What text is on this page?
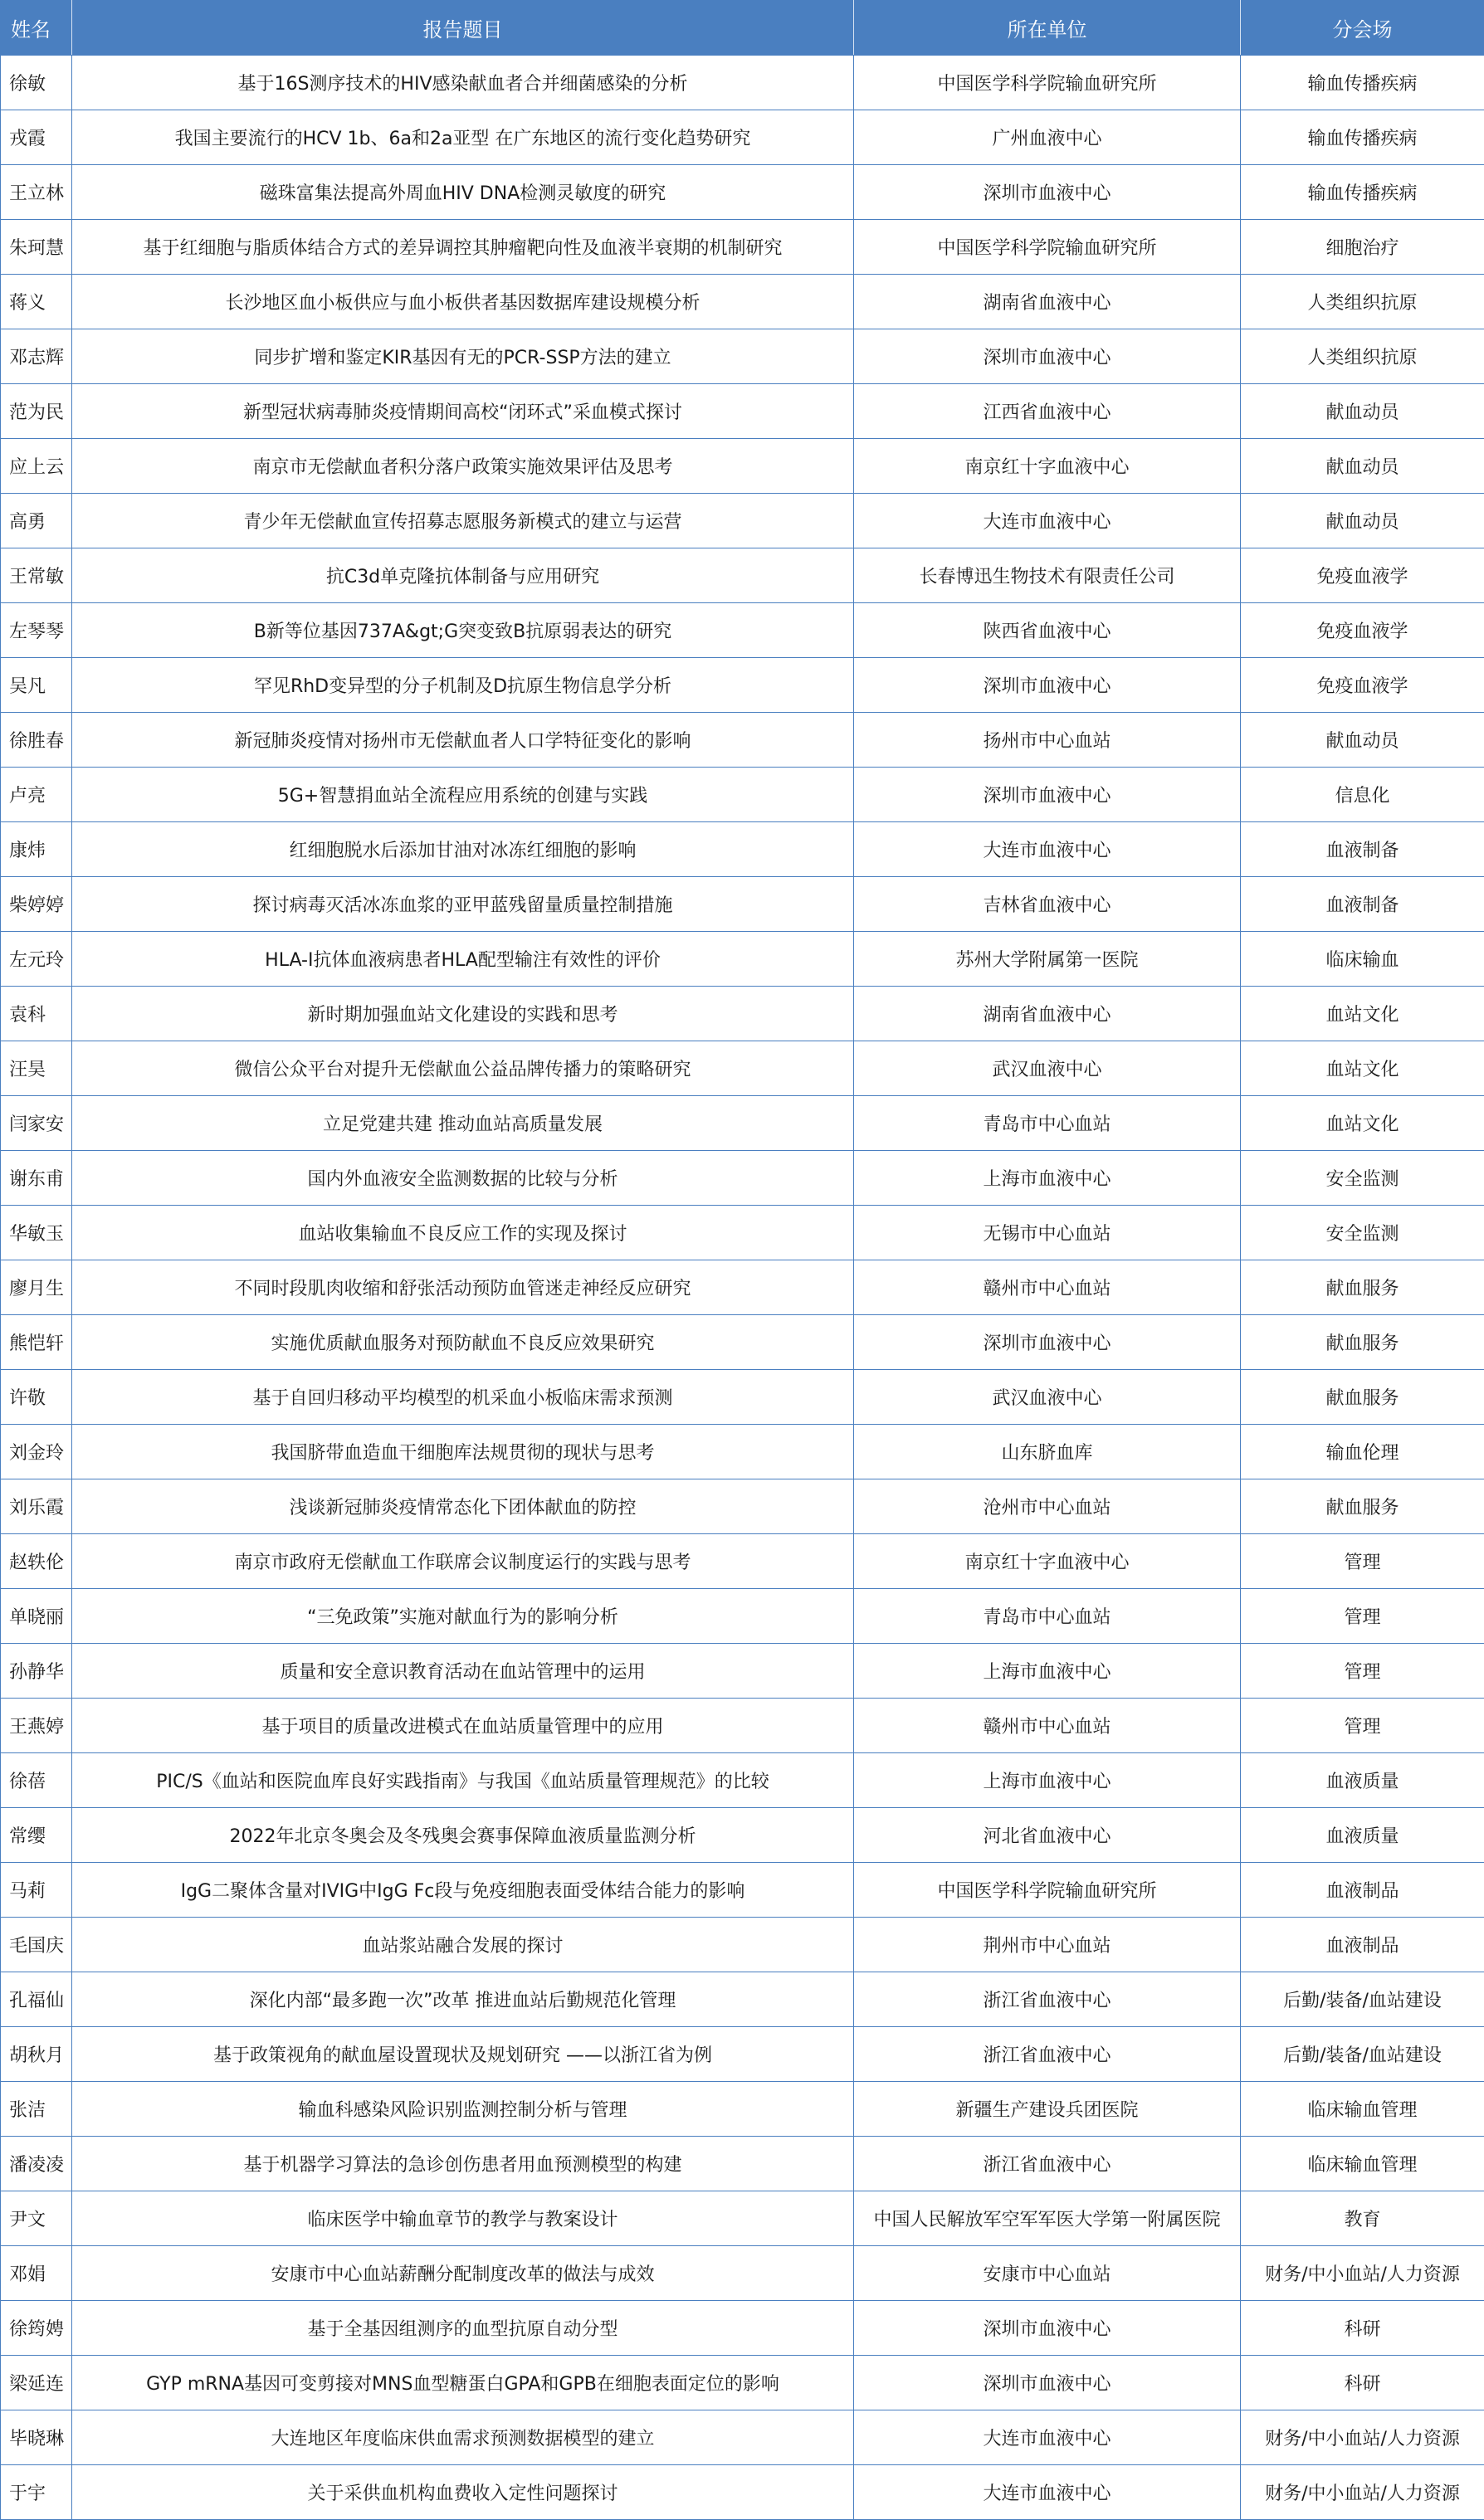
姓名	报告题目	所在单位	分会场
徐敏	基于16S测序技术的HIV感染献血者合并细菌感染的分析	中国医学科学院输血研究所	输血传播疾病
戎霞	我国主要流行的HCV 1b、6a和2a亚型 在广东地区的流行变化趋势研究	广州血液中心	输血传播疾病
王立林	磁珠富集法提高外周血HIV DNA检测灵敏度的研究	深圳市血液中心	输血传播疾病
朱珂慧	基于红细胞与脂质体结合方式的差异调控其肿瘤靶向性及血液半衰期的机制研究	中国医学科学院输血研究所	细胞治疗
蒋义	长沙地区血小板供应与血小板供者基因数据库建设规模分析	湖南省血液中心	人类组织抗原
邓志辉	同步扩增和鉴定KIR基因有无的PCR-SSP方法的建立	深圳市血液中心	人类组织抗原
范为民	新型冠状病毒肺炎疫情期间高校“闭环式”采血模式探讨	江西省血液中心	献血动员
应上云	南京市无偿献血者积分落户政策实施效果评估及思考	南京红十字血液中心	献血动员
高勇	青少年无偿献血宣传招募志愿服务新模式的建立与运营	大连市血液中心	献血动员
王常敏	抗C3d单克隆抗体制备与应用研究	长春博迅生物技术有限责任公司	免疫血液学
左琴琴	B新等位基因737A&gt;G突变致B抗原弱表达的研究	陕西省血液中心	免疫血液学
吴凡	罕见RhD变异型的分子机制及D抗原生物信息学分析	深圳市血液中心	免疫血液学
徐胜春	新冠肺炎疫情对扬州市无偿献血者人口学特征变化的影响	扬州市中心血站	献血动员
卢亮	5G+智慧捐血站全流程应用系统的创建与实践	深圳市血液中心	信息化
康炜	红细胞脱水后添加甘油对冰冻红细胞的影响	大连市血液中心	血液制备
柴婷婷	探讨病毒灭活冰冻血浆的亚甲蓝残留量质量控制措施	吉林省血液中心	血液制备
左元玲	HLA-I抗体血液病患者HLA配型输注有效性的评价	苏州大学附属第一医院	临床输血
袁科	新时期加强血站文化建设的实践和思考	湖南省血液中心	血站文化
汪昊	微信公众平台对提升无偿献血公益品牌传播力的策略研究	武汉血液中心	血站文化
闫家安	立足党建共建 推动血站高质量发展	青岛市中心血站	血站文化
谢东甫	国内外血液安全监测数据的比较与分析	上海市血液中心	安全监测
华敏玉	血站收集输血不良反应工作的实现及探讨	无锡市中心血站	安全监测
廖月生	不同时段肌肉收缩和舒张活动预防血管迷走神经反应研究	赣州市中心血站	献血服务
熊恺轩	实施优质献血服务对预防献血不良反应效果研究	深圳市血液中心	献血服务
许敬	基于自回归移动平均模型的机采血小板临床需求预测	武汉血液中心	献血服务
刘金玲	我国脐带血造血干细胞库法规贯彻的现状与思考	山东脐血库	输血伦理
刘乐霞	浅谈新冠肺炎疫情常态化下团体献血的防控	沧州市中心血站	献血服务
赵轶伦	南京市政府无偿献血工作联席会议制度运行的实践与思考	南京红十字血液中心	管理
单晓丽	“三免政策”实施对献血行为的影响分析	青岛市中心血站	管理
孙静华	质量和安全意识教育活动在血站管理中的运用	上海市血液中心	管理
王燕婷	基于项目的质量改进模式在血站质量管理中的应用	赣州市中心血站	管理
徐蓓	PIC/S《血站和医院血库良好实践指南》与我国《血站质量管理规范》的比较	上海市血液中心	血液质量
常缨	2022年北京冬奥会及冬残奥会赛事保障血液质量监测分析	河北省血液中心	血液质量
马莉	IgG二聚体含量对IVIG中IgG Fc段与免疫细胞表面受体结合能力的影响	中国医学科学院输血研究所	血液制品
毛国庆	血站浆站融合发展的探讨	荆州市中心血站	血液制品
孔福仙	深化内部“最多跑一次”改革 推进血站后勤规范化管理	浙江省血液中心	后勤/装备/血站建设
胡秋月	基于政策视角的献血屋设置现状及规划研究 ——以浙江省为例	浙江省血液中心	后勤/装备/血站建设
张洁	输血科感染风险识别监测控制分析与管理	新疆生产建设兵团医院	临床输血管理
潘凌凌	基于机器学习算法的急诊创伤患者用血预测模型的构建	浙江省血液中心	临床输血管理
尹文	临床医学中输血章节的教学与教案设计	中国人民解放军空军军医大学第一附属医院	教育
邓娟	安康市中心血站薪酬分配制度改革的做法与成效	安康市中心血站	财务/中小血站/人力资源
徐筠娉	基于全基因组测序的血型抗原自动分型	深圳市血液中心	科研
梁延连	GYP mRNA基因可变剪接对MNS血型糖蛋白GPA和GPB在细胞表面定位的影响	深圳市血液中心	科研
毕晓琳	大连地区年度临床供血需求预测数据模型的建立	大连市血液中心	财务/中小血站/人力资源
于宇	关于采供血机构血费收入定性问题探讨	大连市血液中心	财务/中小血站/人力资源
